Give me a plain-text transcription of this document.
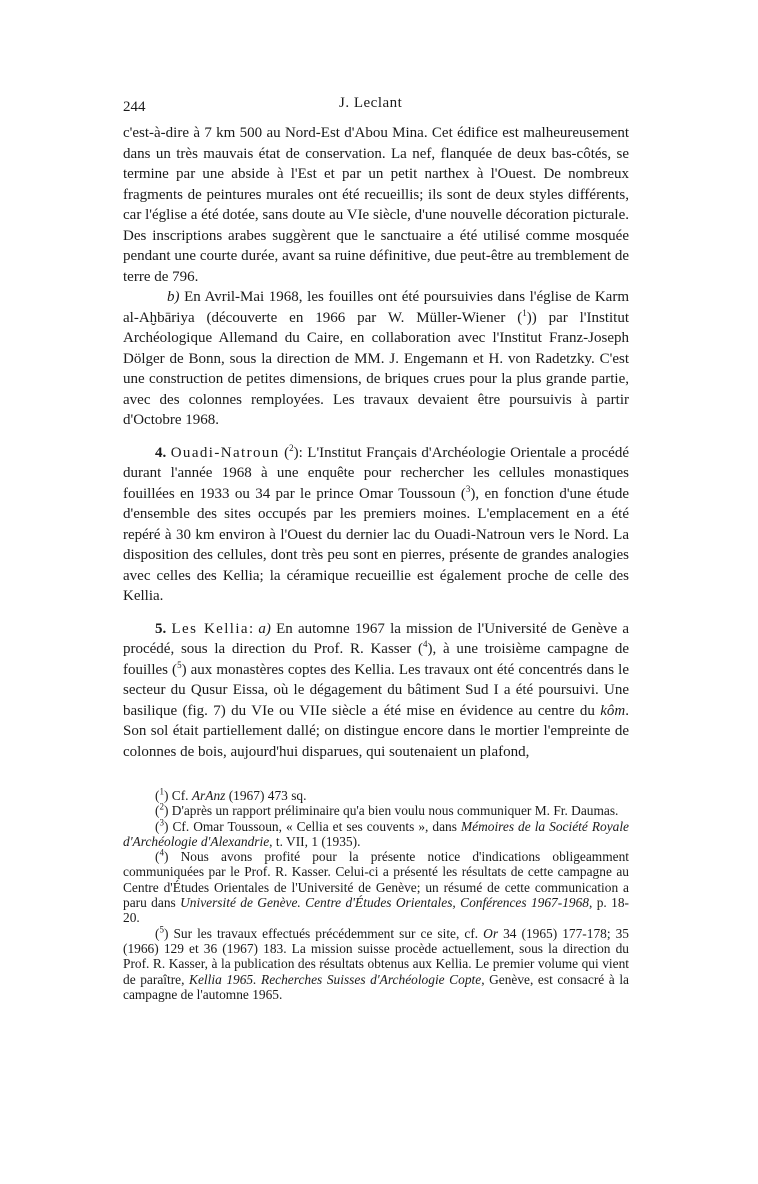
244	J. Leclant

c'est-à-dire à 7 km 500 au Nord-Est d'Abou Mina. Cet édifice est malheureusement dans un très mauvais état de conservation. La nef, flanquée de deux bas-côtés, se termine par une abside à l'Est et par un petit narthex à l'Ouest. De nombreux fragments de peintures murales ont été recueillis; ils sont de deux styles différents, car l'église a été dotée, sans doute au VIe siècle, d'une nouvelle décoration picturale. Des inscriptions arabes suggèrent que le sanctuaire a été utilisé comme mosquée pendant une courte durée, avant sa ruine définitive, due peut-être au tremblement de terre de 796.

b) En Avril-Mai 1968, les fouilles ont été poursuivies dans l'église de Karm al-Aḫbāriya (découverte en 1966 par W. Müller-Wiener ($^1$)) par l'Institut Archéologique Allemand du Caire, en collaboration avec l'Institut Franz-Joseph Dölger de Bonn, sous la direction de MM. J. Engemann et H. von Radetzky. C'est une construction de petites dimensions, de briques crues pour la plus grande partie, avec des colonnes remployées. Les travaux devaient être poursuivis à partir d'Octobre 1968.

4. Ouadi-Natroun ($^2$): L'Institut Français d'Archéologie Orientale a procédé durant l'année 1968 à une enquête pour rechercher les cellules monastiques fouillées en 1933 ou 34 par le prince Omar Toussoun ($^3$), en fonction d'une étude d'ensemble des sites occupés par les premiers moines. L'emplacement en a été repéré à 30 km environ à l'Ouest du dernier lac du Ouadi-Natroun vers le Nord. La disposition des cellules, dont très peu sont en pierres, présente de grandes analogies avec celles des Kellia; la céramique recueillie est également proche de celle des Kellia.

5. Les Kellia: a) En automne 1967 la mission de l'Université de Genève a procédé, sous la direction du Prof. R. Kasser ($^4$), à une troisième campagne de fouilles ($^5$) aux monastères coptes des Kellia. Les travaux ont été concentrés dans le secteur du Qusur Eissa, où le dégagement du bâtiment Sud I a été poursuivi. Une basilique (fig. 7) du VIe ou VIIe siècle a été mise en évidence au centre du kôm. Son sol était partiellement dallé; on distingue encore dans le mortier l'empreinte de colonnes de bois, aujourd'hui disparues, qui soutenaient un plafond,

($^1$) Cf. ArAnz (1967) 473 sq.

($^2$) D'après un rapport préliminaire qu'a bien voulu nous communiquer M. Fr. Daumas.

($^3$) Cf. Omar Toussoun, « Cellia et ses couvents », dans Mémoires de la Société Royale d'Archéologie d'Alexandrie, t. VII, 1 (1935).

($^4$) Nous avons profité pour la présente notice d'indications obligeamment communiquées par le Prof. R. Kasser. Celui-ci a présenté les résultats de cette campagne au Centre d'Études Orientales de l'Université de Genève; un résumé de cette communication a paru dans Université de Genève. Centre d'Études Orientales, Conférences 1967-1968, p. 18-20.

($^5$) Sur les travaux effectués précédemment sur ce site, cf. Or 34 (1965) 177-178; 35 (1966) 129 et 36 (1967) 183. La mission suisse procède actuellement, sous la direction du Prof. R. Kasser, à la publication des résultats obtenus aux Kellia. Le premier volume qui vient de paraître, Kellia 1965. Recherches Suisses d'Archéologie Copte, Genève, est consacré à la campagne de l'automne 1965.
